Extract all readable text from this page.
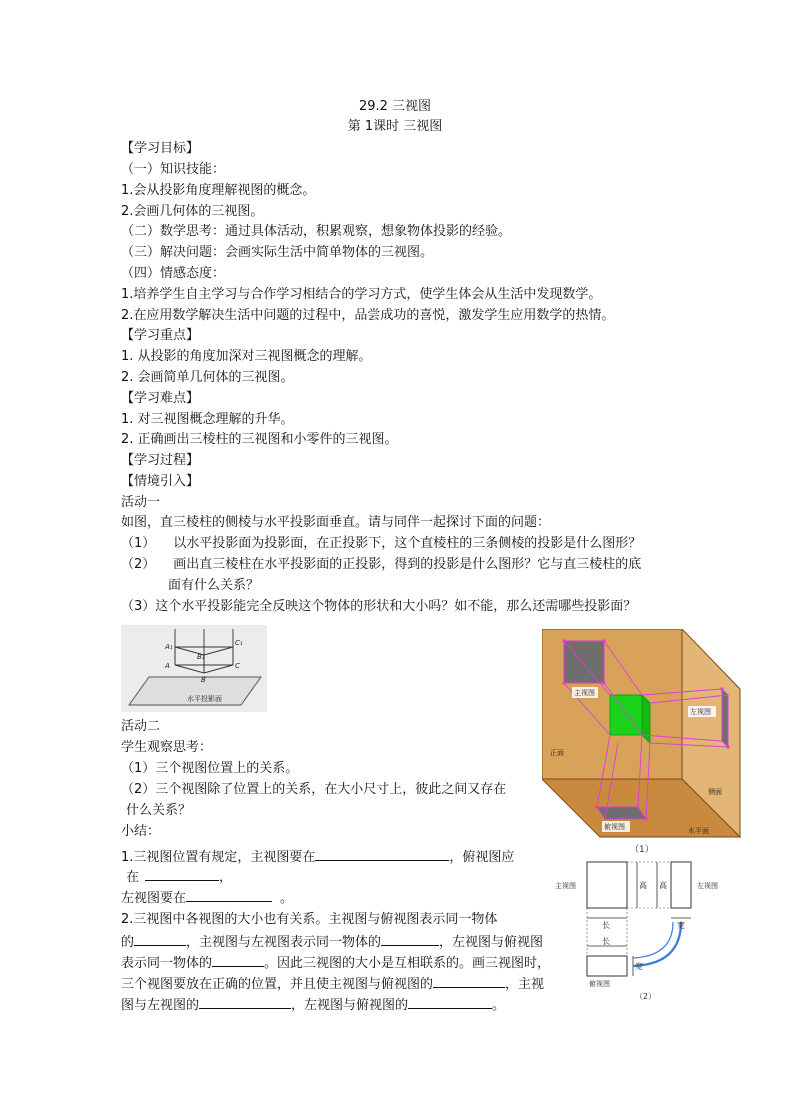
29.2 三视图
第 1课时 三视图
【学习目标】
（一）知识技能：
1.会从投影角度理解视图的概念。
2.会画几何体的三视图。
（二）数学思考：通过具体活动，积累观察，想象物体投影的经验。
（三）解决问题：会画实际生活中简单物体的三视图。
（四）情感态度：
1.培养学生自主学习与合作学习相结合的学习方式，使学生体会从生活中发现数学。
2.在应用数学解决生活中问题的过程中，品尝成功的喜悦，激发学生应用数学的热情。
【学习重点】
1. 从投影的角度加深对三视图概念的理解。
2. 会画简单几何体的三视图。
【学习难点】
1. 对三视图概念理解的升华。
2. 正确画出三棱柱的三视图和小零件的三视图。
【学习过程】
【情境引入】
活动一
如图，直三棱柱的侧棱与水平投影面垂直。请与同伴一起探讨下面的问题：
（1） 以水平投影面为投影面，在正投影下，这个直棱柱的三条侧棱的投影是什么图形？
（2） 画出直三棱柱在水平投影面的正投影，得到的投影是什么图形？它与直三棱柱的底
面有什么关系？
（3）这个水平投影能完全反映这个物体的形状和大小吗？如不能，那么还需哪些投影面？
A₁	C₁
B₁
A	C
B
水平投影面
主视图
左视图
正面
侧面
俯视图	水平面
（1）
活动二
学生观察思考：
（1）三个视图位置上的关系。
（2）三个视图除了位置上的关系，在大小尺寸上，彼此之间又存在
什么关系？
小结：
1.三视图位置有规定，主视图要在	，俯视图应
在	，
左视图要在	。
2.三视图中各视图的大小也有关系。主视图与俯视图表示同一物体
的	，主视图与左视图表示同一物体的	，左视图与俯视图
表示同一物体的	。因此三视图的大小是互相联系的。画三视图时，
三个视图要放在正确的位置，并且使主视图与俯视图的	，主视
图与左视图的	，左视图与俯视图的	。
主视图	左视图
俯视图
高 高
长
长
宽
宽
（2）
